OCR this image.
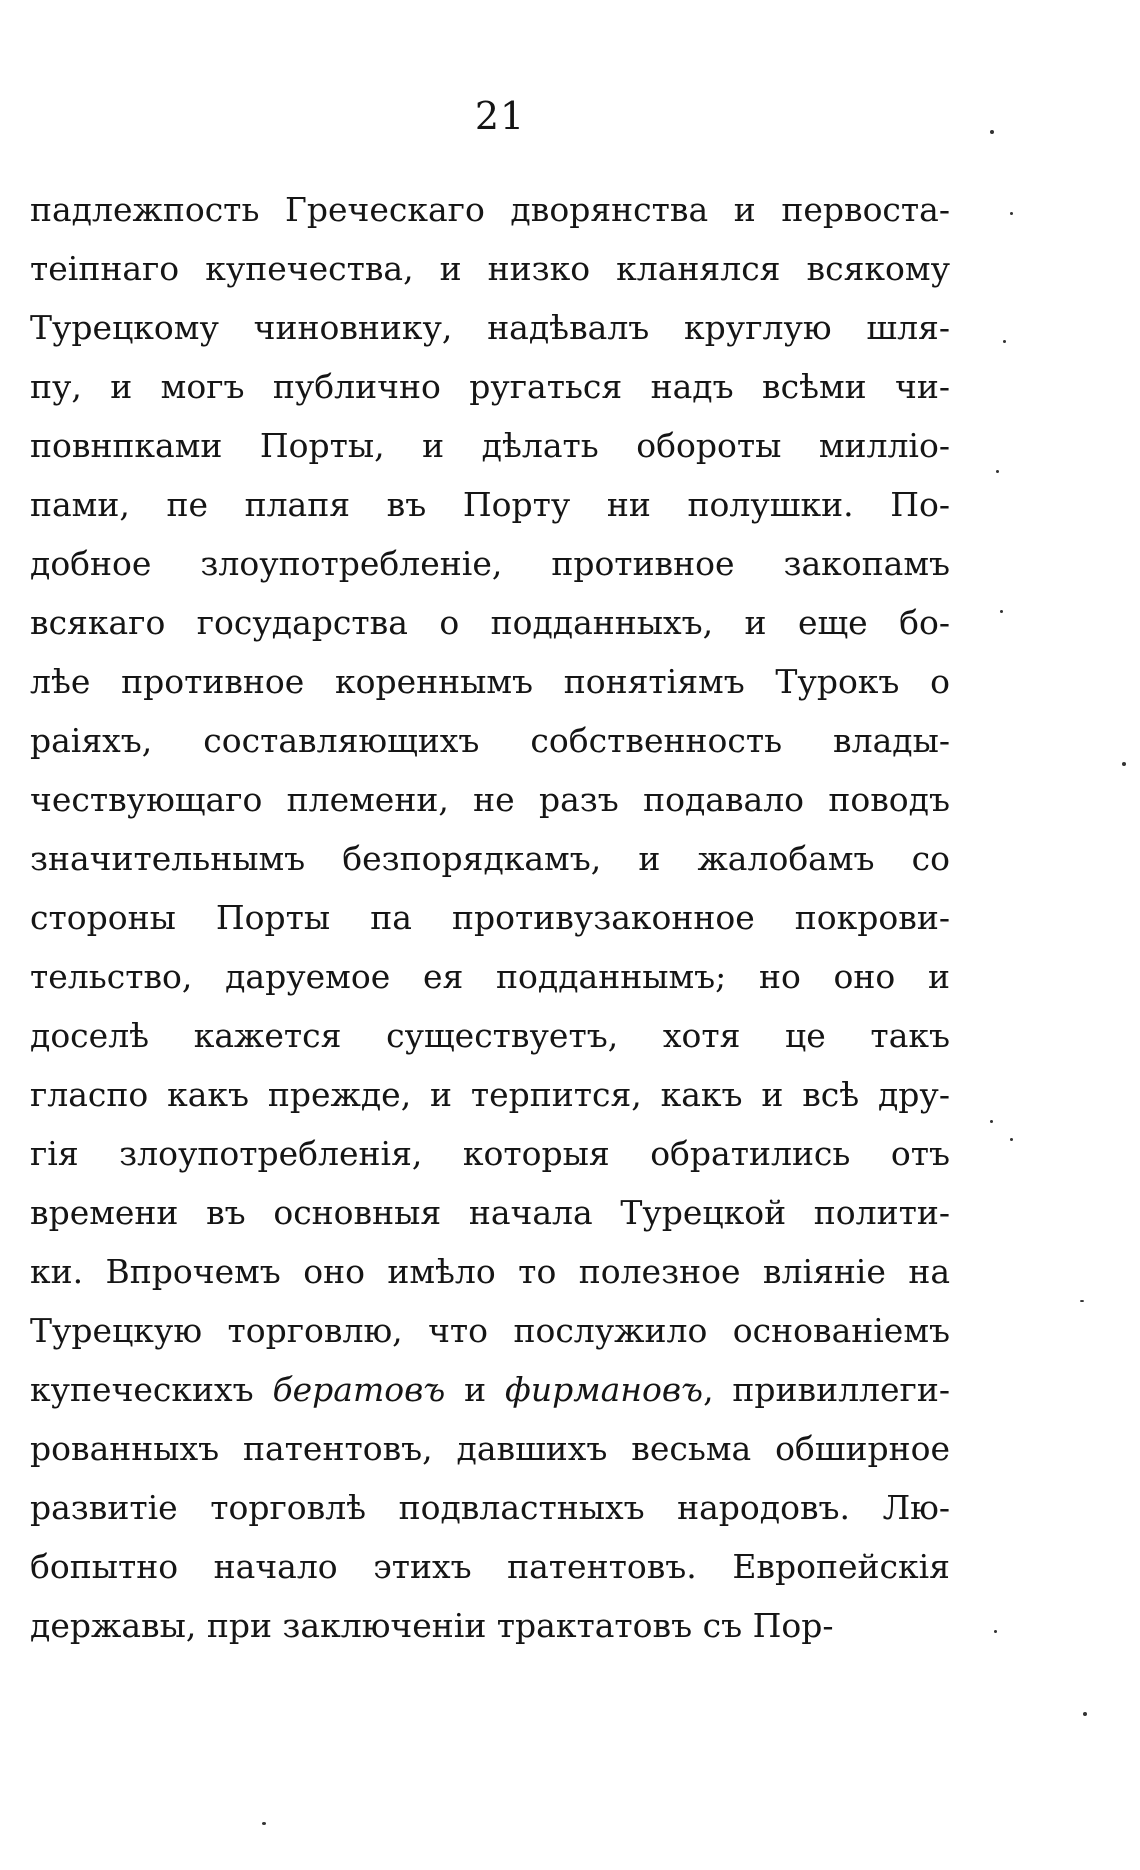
21
падлежпость Греческаго дворянства и первоста-
теіпнаго купечества, и низко кланялся всякому
Турецкому чиновнику, надѣвалъ круглую шля-
пу, и могъ публично ругаться надъ всѣми чи-
повнпками Порты, и дѣлать обороты милліо-
пами, пе плапя въ Порту ни полушки. По-
добное злоупотребленіе, противное закопамъ
всякаго государства о подданныхъ, и еще бо-
лѣе противное кореннымъ понятіямъ Турокъ о
раіяхъ, составляющихъ собственность влады-
чествующаго племени, не разъ подавало поводъ
значительнымъ безпорядкамъ, и жалобамъ со
стороны Порты па противузаконное покрови-
тельство, даруемое ея подданнымъ; но оно и
доселѣ кажется существуетъ, хотя це такъ
гласпо какъ прежде, и терпится, какъ и всѣ дру-
гія злоупотребленія, которыя обратились отъ
времени въ основныя начала Турецкой полити-
ки. Впрочемъ оно имѣло то полезное вліяніе на
Турецкую торговлю, что послужило основаніемъ
купеческихъ бератовъ и фирмановъ, привиллеги-
рованныхъ патентовъ, давшихъ весьма обширное
развитіе торговлѣ подвластныхъ народовъ. Лю-
бопытно начало этихъ патентовъ. Европейскія
державы, при заключеніи трактатовъ съ Пор-
